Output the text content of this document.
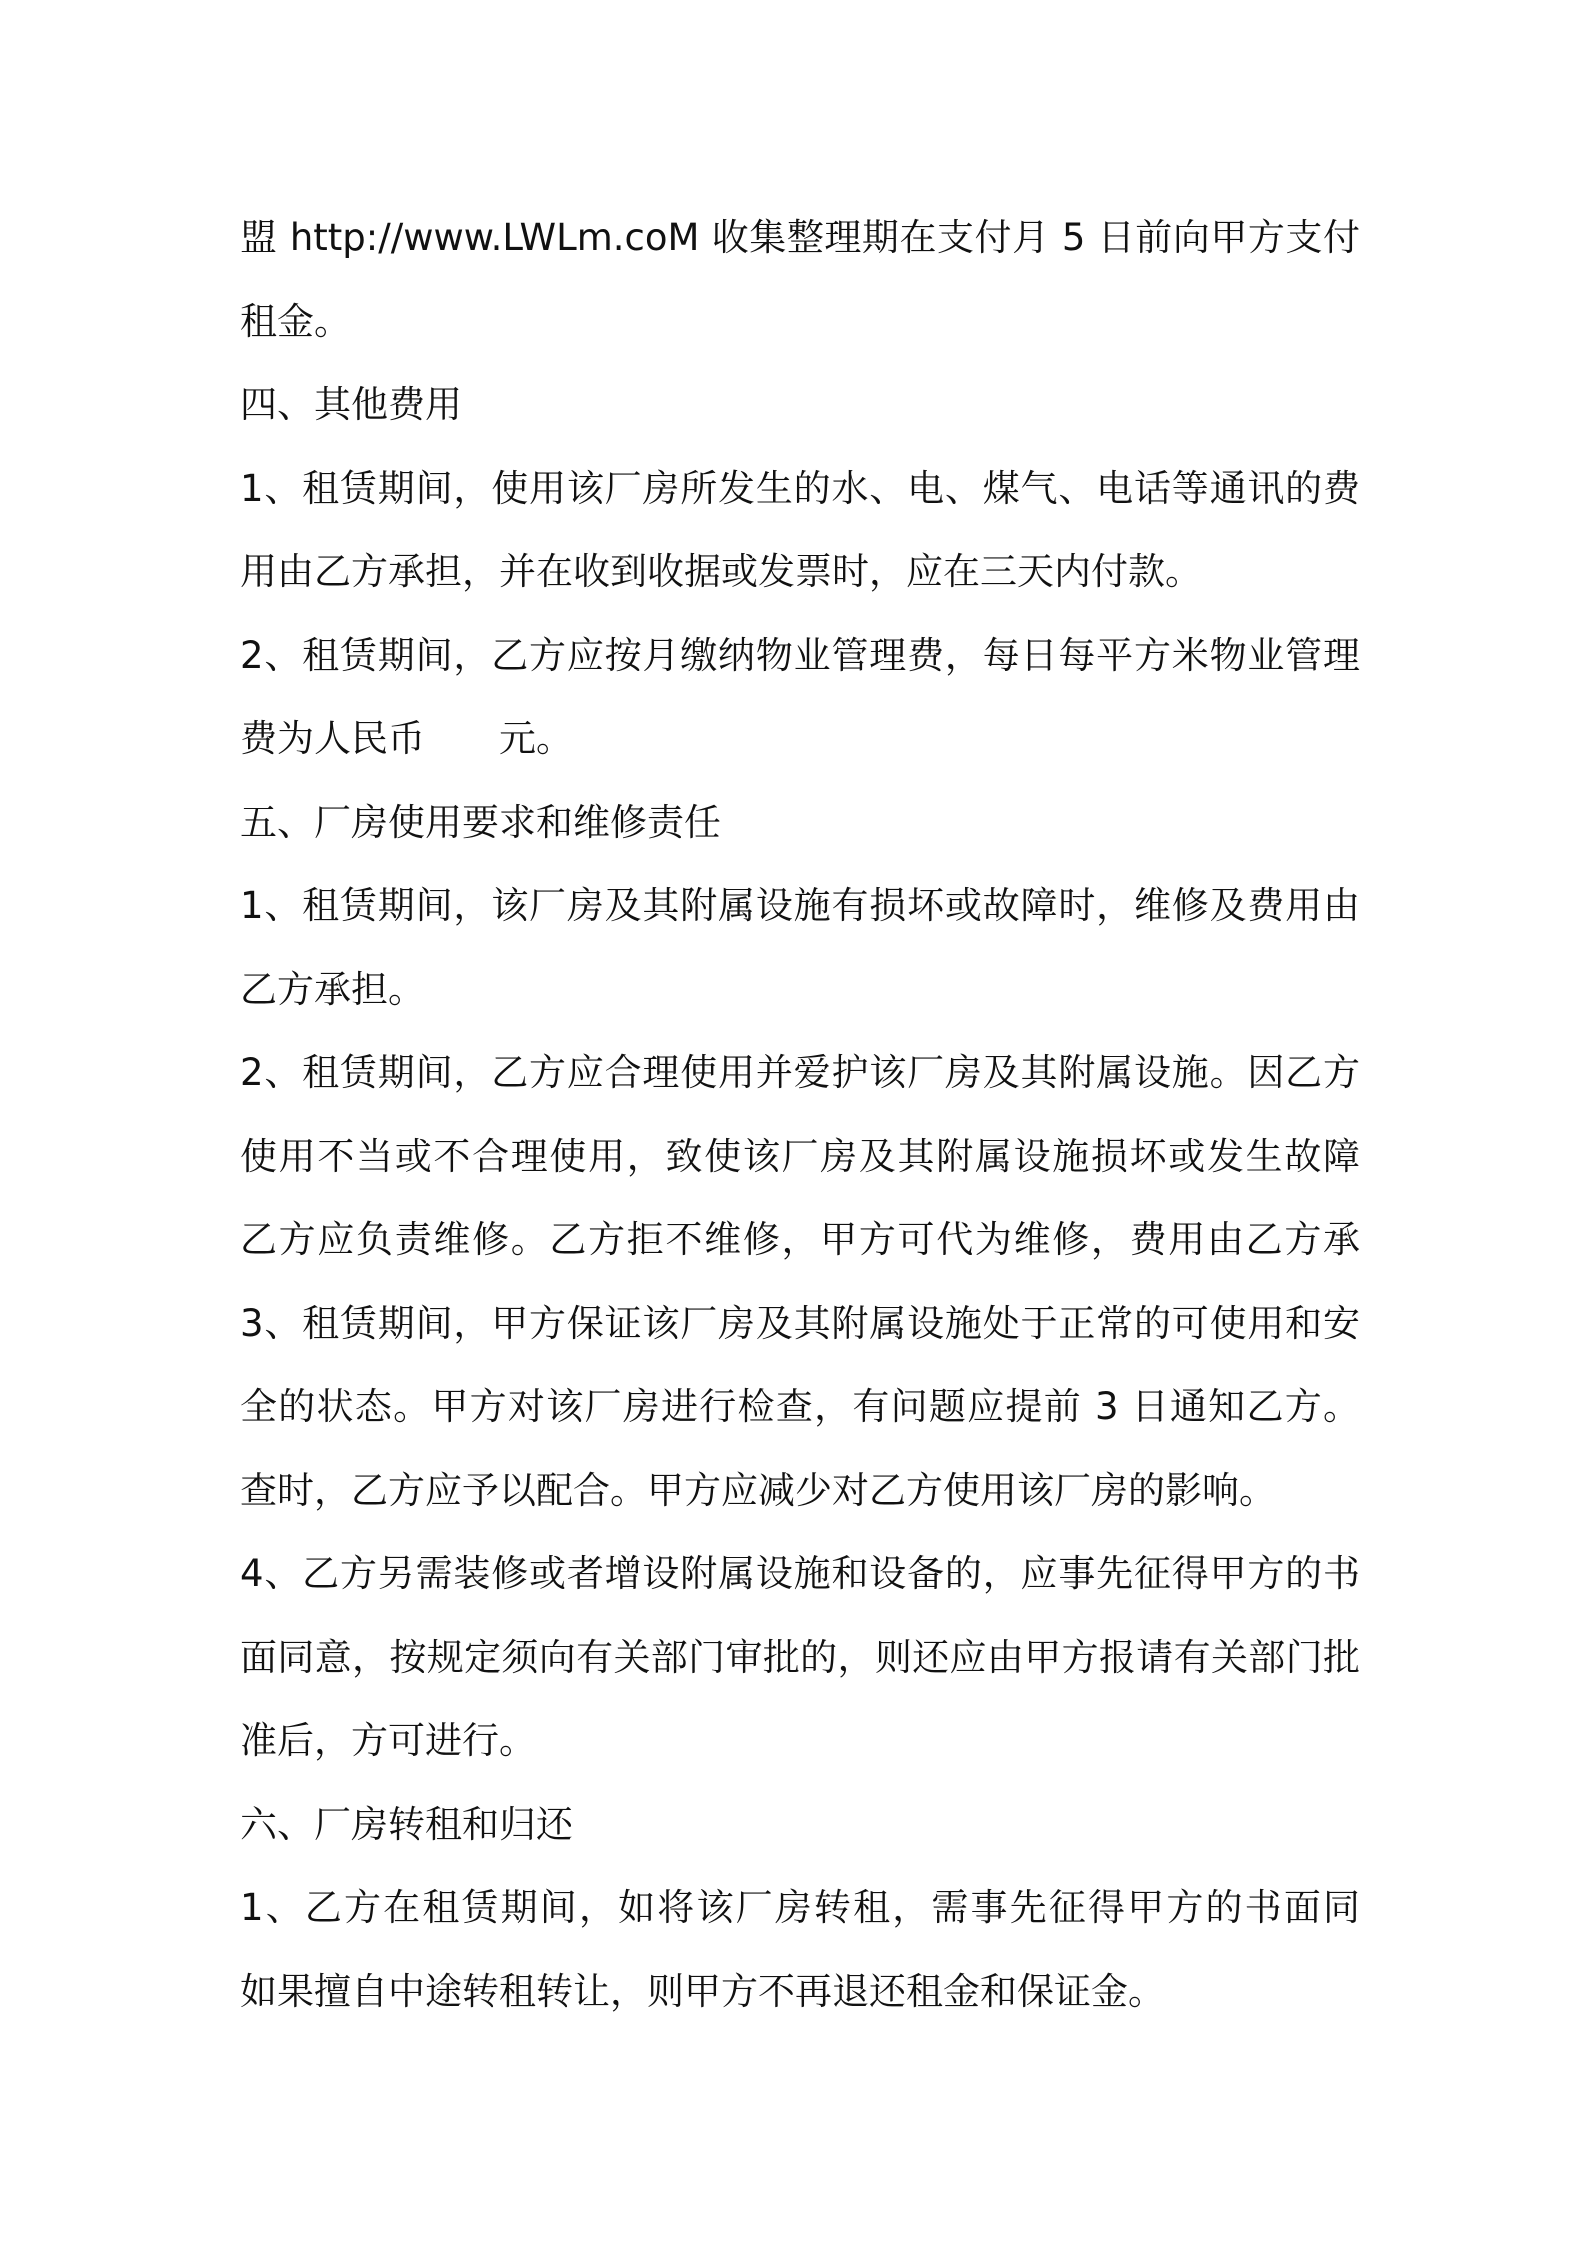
盟 http://www.LWLm.coM 收集整理期在支付月 5 日前向甲方支付
租金。
四、其他费用
1、租赁期间，使用该厂房所发生的水、电、煤气、电话等通讯的费
用由乙方承担，并在收到收据或发票时，应在三天内付款。
2、租赁期间，乙方应按月缴纳物业管理费，每日每平方米物业管理
费为人民币　　元。
五、厂房使用要求和维修责任
1、租赁期间，该厂房及其附属设施有损坏或故障时，维修及费用由
乙方承担。
2、租赁期间，乙方应合理使用并爱护该厂房及其附属设施。因乙方
使用不当或不合理使用，致使该厂房及其附属设施损坏或发生故障
乙方应负责维修。乙方拒不维修，甲方可代为维修，费用由乙方承
3、租赁期间，甲方保证该厂房及其附属设施处于正常的可使用和安
全的状态。甲方对该厂房进行检查，有问题应提前 3 日通知乙方。
查时，乙方应予以配合。甲方应减少对乙方使用该厂房的影响。
4、乙方另需装修或者增设附属设施和设备的，应事先征得甲方的书
面同意，按规定须向有关部门审批的，则还应由甲方报请有关部门批
准后，方可进行。
六、厂房转租和归还
1、乙方在租赁期间，如将该厂房转租，需事先征得甲方的书面同
如果擅自中途转租转让，则甲方不再退还租金和保证金。
